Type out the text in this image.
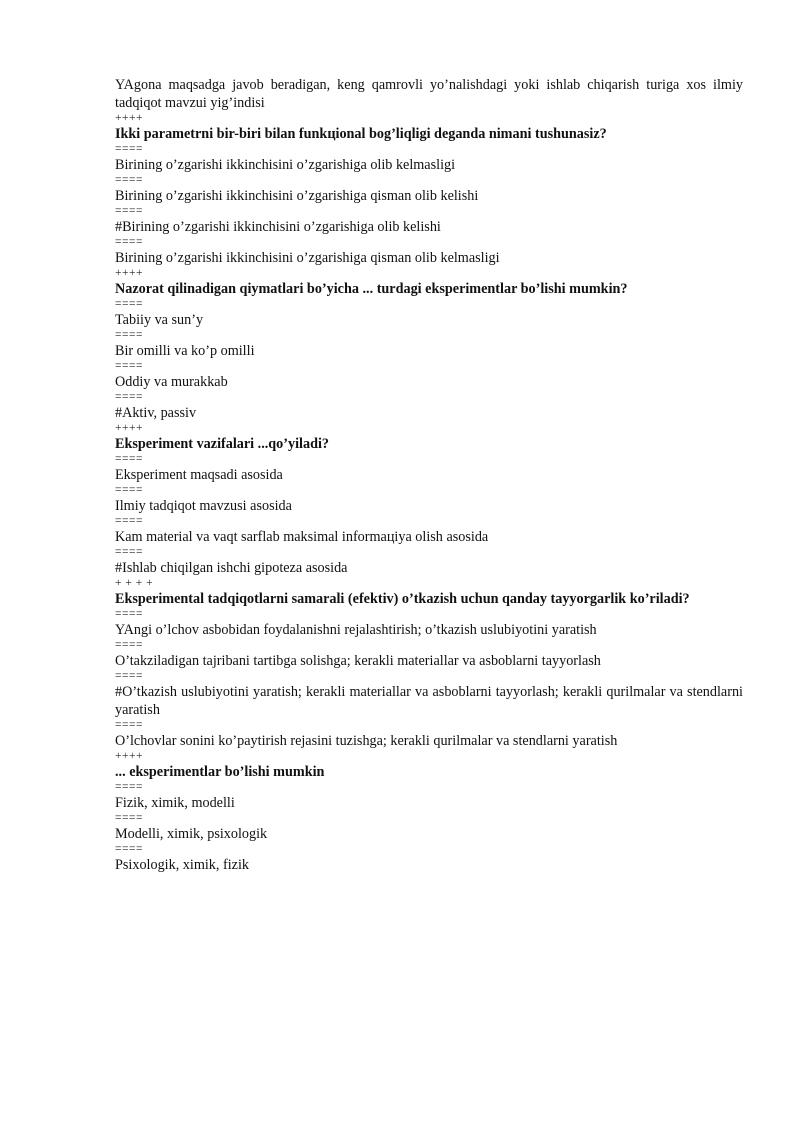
YAgona maqsadga javob beradigan, keng qamrovli yo’nalishdagi yoki ishlab chiqarish turiga xos ilmiy tadqiqot mavzui yig’indisi

++++

Ikki parametrni bir-biri bilan funkцional bog’liqligi deganda nimani tushunasiz?

====

Birining o’zgarishi ikkinchisini o’zgarishiga olib kelmasligi

====

Birining o’zgarishi ikkinchisini o’zgarishiga qisman olib kelishi

====

#Birining o’zgarishi ikkinchisini o’zgarishiga olib kelishi

====

Birining o’zgarishi ikkinchisini o’zgarishiga qisman olib kelmasligi

++++

Nazorat qilinadigan qiymatlari bo’yicha ... turdagi eksperimentlar bo’lishi mumkin?

====

Tabiiy va sun’y

====

Bir omilli va ko’p omilli

====

Oddiy va murakkab

====

#Aktiv, passiv

++++

Eksperiment vazifalari ...qo’yiladi?

====

Eksperiment maqsadi asosida

====

Ilmiy tadqiqot mavzusi asosida

====

Kam material va vaqt sarflab maksimal informaцiya olish asosida

====

#Ishlab chiqilgan ishchi gipoteza asosida

+ + + +

Eksperimental tadqiqotlarni samarali (efektiv) o’tkazish uchun qanday tayyorgarlik ko’riladi?

====

YAngi o’lchov asbobidan foydalanishni rejalashtirish; o’tkazish uslubiyotini yaratish

====

O’takziladigan tajribani tartibga solishga; kerakli materiallar va asboblarni tayyorlash

====

#O’tkazish uslubiyotini yaratish; kerakli materiallar va asboblarni tayyorlash; kerakli qurilmalar va stendlarni yaratish

====

O’lchovlar sonini ko’paytirish rejasini tuzishga; kerakli qurilmalar va stendlarni yaratish

++++

... eksperimentlar bo’lishi mumkin

====

Fizik, ximik, modelli

====

Modelli, ximik, psixologik

====

Psixologik, ximik, fizik
